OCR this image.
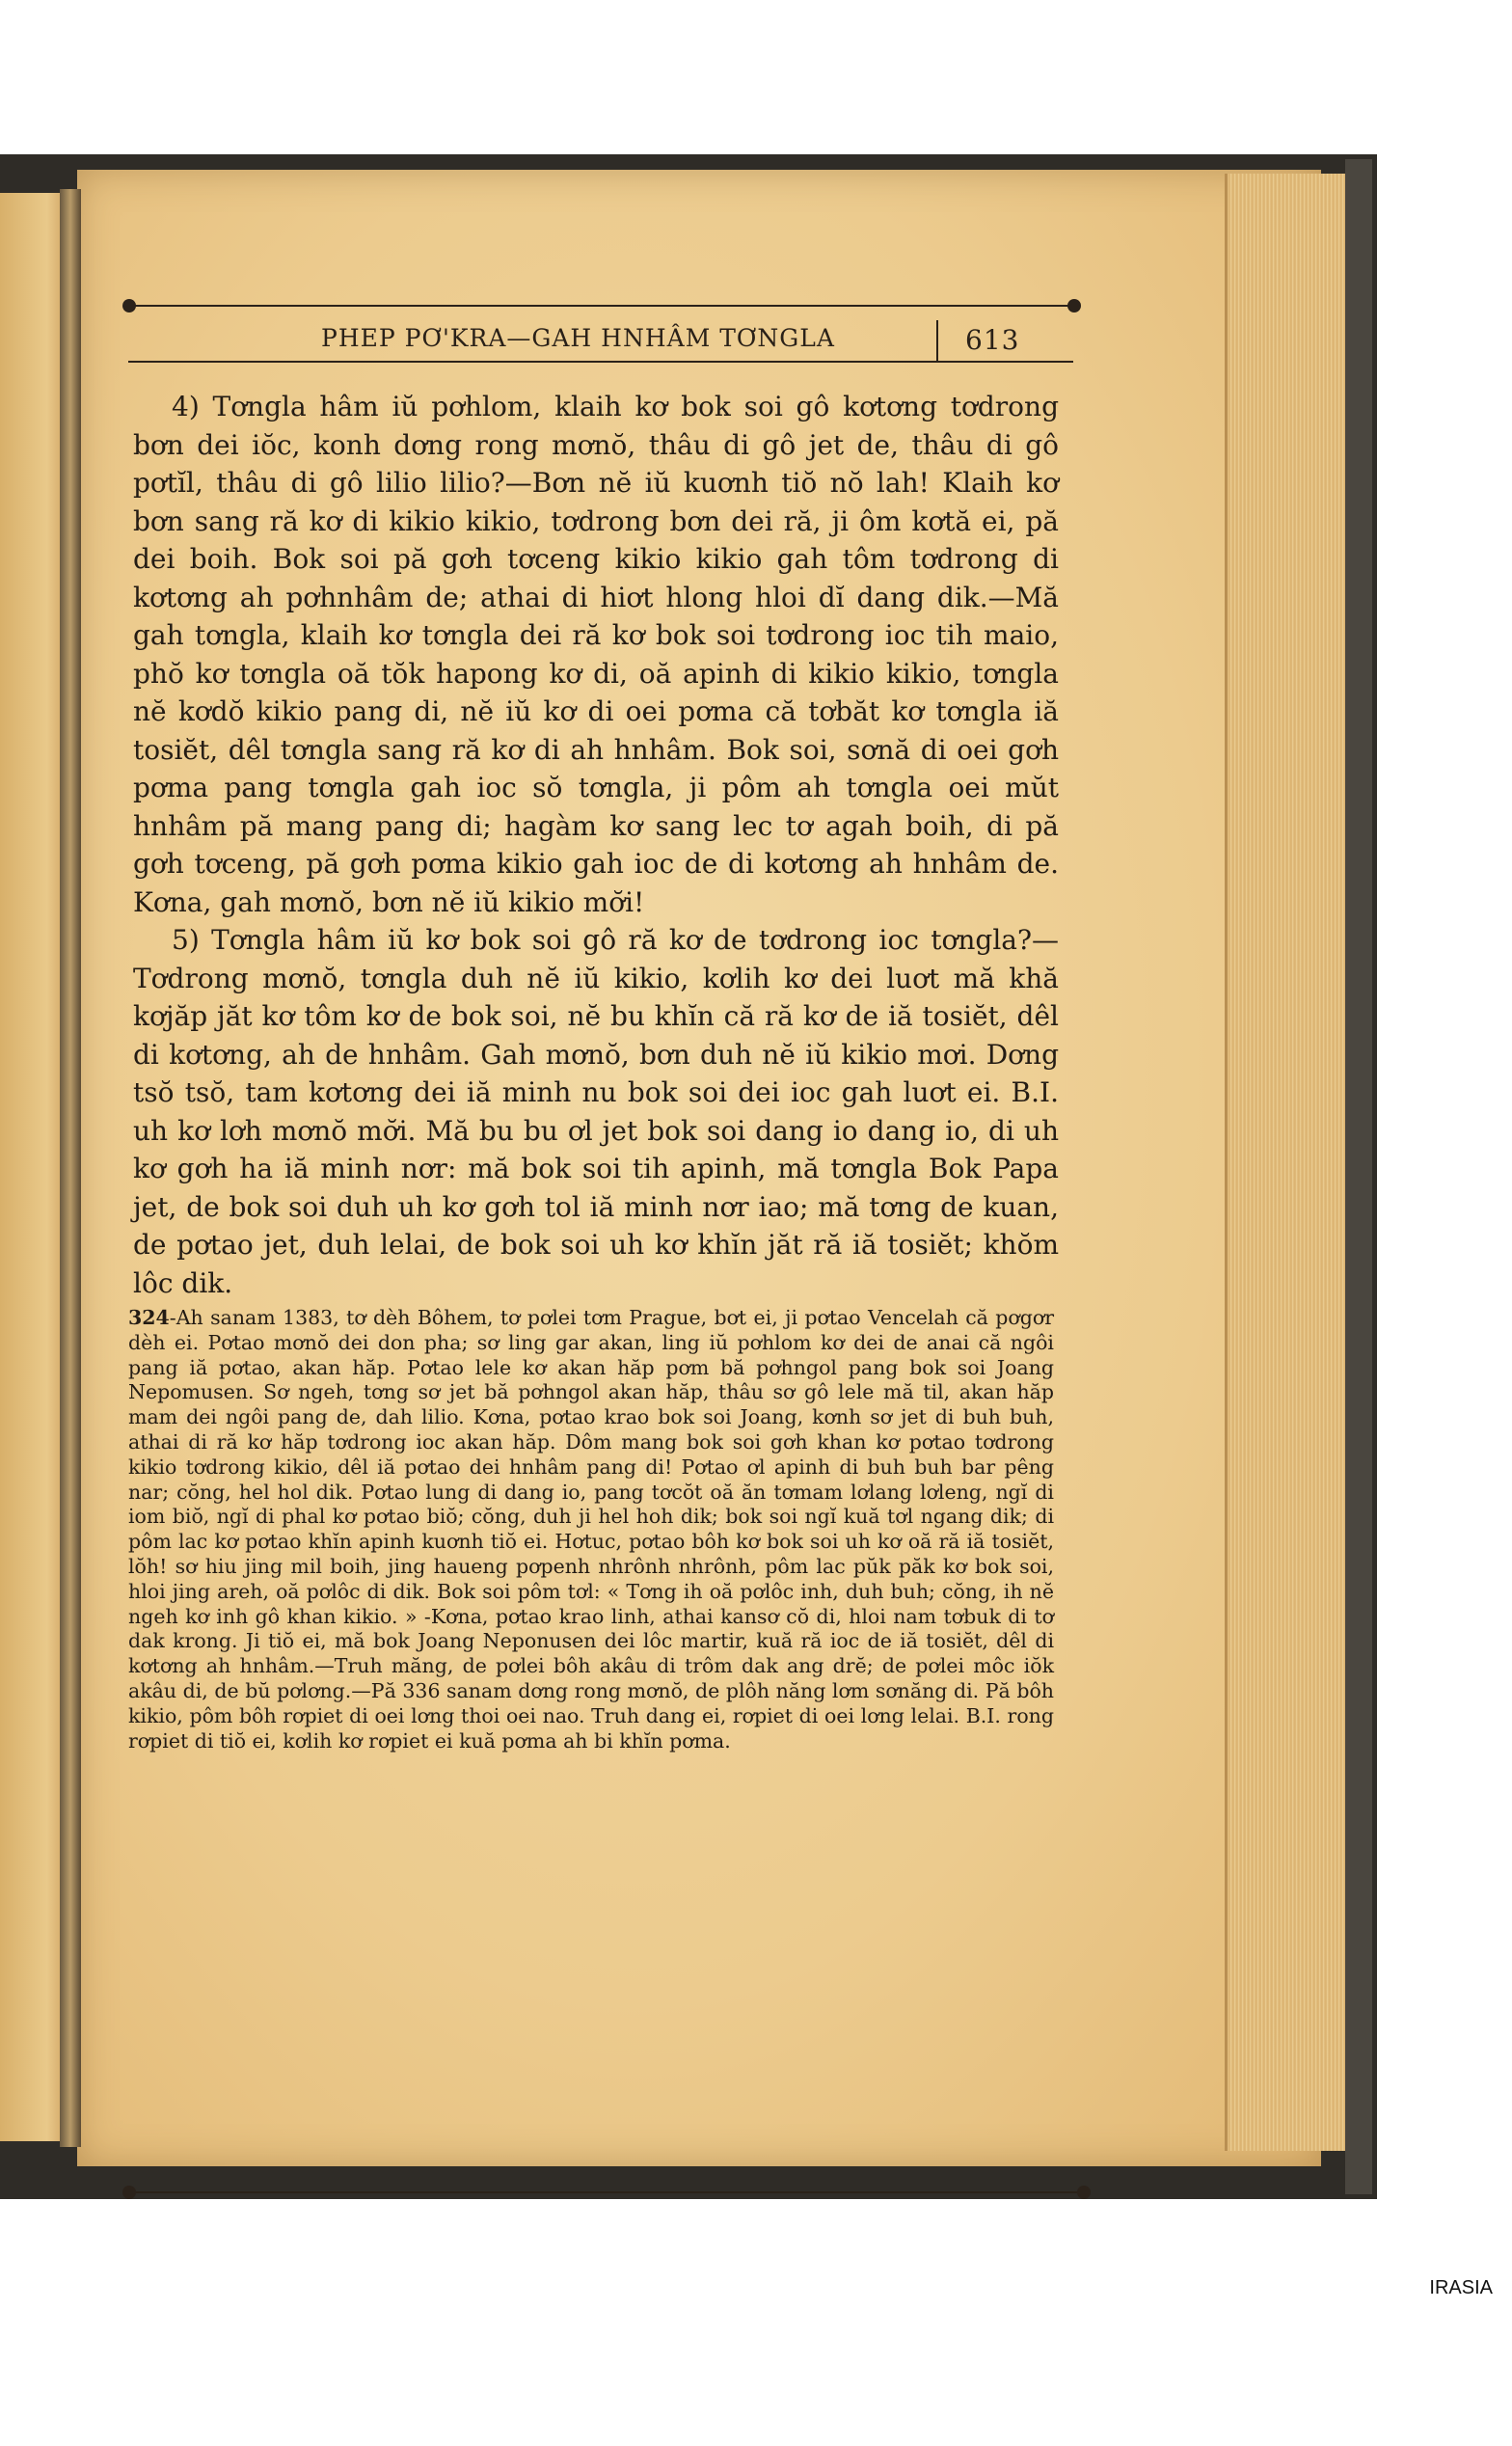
PHEP PƠ'KRA—GAH HNHÂM TƠNGLA	613

4) Tơngla hâm iŭ pơhlom, klaih kơ bok soi gô kơtơng tơdrong bơn dei iŏc, konh dơng rong mơnŏ, thâu di gô jet de, thâu di gô pơtĭl, thâu di gô lilio lilio?—Bơn nĕ iŭ kuơnh tiŏ nŏ lah! Klaih kơ bơn sang ră kơ di kikio kikio, tơdrong bơn dei ră, ji ôm kơtă ei, pă dei boih. Bok soi pă gơh tơceng kikio kikio gah tôm tơdrong di kơtơng ah pơhnhâm de; athai di hiơt hlong hloi dĭ dang dik.—Mă gah tơngla, klaih kơ tơngla dei ră kơ bok soi tơdrong ioc tih maio, phŏ kơ tơngla oă tŏk hapong kơ di, oă apinh di kikio kikio, tơngla nĕ kơdŏ kikio pang di, nĕ iŭ kơ di oei pơma că tơbăt kơ tơngla iă tosiĕt, dêl tơngla sang ră kơ di ah hnhâm. Bok soi, sơnă di oei gơh pơma pang tơngla gah ioc sŏ tơngla, ji pôm ah tơngla oei mŭt hnhâm pă mang pang di; hagàm kơ sang lec tơ agah boih, di pă gơh tơceng, pă gơh pơma kikio gah ioc de di kơtơng ah hnhâm de. Kơna, gah mơnŏ, bơn nĕ iŭ kikio mơ̆i!

5) Tơngla hâm iŭ kơ bok soi gô ră kơ de tơdrong ioc tơngla?—Tơdrong mơnŏ, tơngla duh nĕ iŭ kikio, kơlih kơ dei luơt mă khă kơjăp jăt kơ tôm kơ de bok soi, nĕ bu khĭn că ră kơ de iă tosiĕt, dêl di kơtơng, ah de hnhâm. Gah mơnŏ, bơn duh nĕ iŭ kikio mơi. Dơng tsŏ tsŏ, tam kơtơng dei iă minh nu bok soi dei ioc gah luơt ei. B.I. uh kơ lơh mơnŏ mơ̆i. Mă bu bu ơl jet bok soi dang io dang io, di uh kơ gơh ha iă minh nơr: mă bok soi tih apinh, mă tơngla Bok Papa jet, de bok soi duh uh kơ gơh tol iă minh nơr iao; mă tơng de kuan, de pơtao jet, duh lelai, de bok soi uh kơ khĭn jăt ră iă tosiĕt; khŏm lôc dik.

324-Ah sanam 1383, tơ dèh Bôhem, tơ pơlei tơm Prague, bơt ei, ji pơtao Vencelah că pơgơr dèh ei. Pơtao mơnŏ dei don pha; sơ ling gar akan, ling iŭ pơhlom kơ dei de anai că ngôi pang iă pơtao, akan hăp. Pơtao lele kơ akan hăp pơm bă pơhngol pang bok soi Joang Nepomusen. Sơ ngeh, tơng sơ jet bă pơhngol akan hăp, thâu sơ gô lele mă til, akan hăp mam dei ngôi pang de, dah lilio. Kơna, pơtao krao bok soi Joang, kơnh sơ jet di buh buh, athai di ră kơ hăp tơdrong ioc akan hăp. Dôm mang bok soi gơh khan kơ pơtao tơdrong kikio tơdrong kikio, dêl iă pơtao dei hnhâm pang di! Pơtao ơl apinh di buh buh bar pêng nar; cŏng, hel hol dik. Pơtao lung di dang io, pang tơcŏt oă ăn tơmam lơlang lơleng, ngĭ di iom biŏ, ngĭ di phal kơ pơtao biŏ; cŏng, duh ji hel hoh dik; bok soi ngĭ kuă tơl ngang dik; di pôm lac kơ pơtao khĭn apinh kuơnh tiŏ ei. Hơtuc, pơtao bôh kơ bok soi uh kơ oă ră iă tosiĕt, lŏh! sơ hiu jing mil boih, jing haueng pơpenh nhrônh nhrônh, pôm lac pŭk păk kơ bok soi, hloi jing areh, oă pơlôc di dik. Bok soi pôm tơl: « Tơng ih oă pơlôc inh, duh buh; cŏng, ih nĕ ngeh kơ inh gô khan kikio. » -Kơna, pơtao krao linh, athai kansơ cŏ di, hloi nam tơbuk di tơ dak krong. Ji tiŏ ei, mă bok Joang Neponusen dei lôc martir, kuă ră ioc de iă tosiĕt, dêl di kơtơng ah hnhâm.—Truh măng, de pơlei bôh akâu di trôm dak ang drĕ; de pơlei môc iŏk akâu di, de bŭ pơlơng.—Pă 336 sanam dơng rong mơnŏ, de plôh năng lơm sơnăng di. Pă bôh kikio, pôm bôh rơpiet di oei lơng thoi oei nao. Truh dang ei, rơpiet di oei lơng lelai. B.I. rong rơpiet di tiŏ ei, kơlih kơ rơpiet ei kuă pơma ah bi khĭn pơma.
IRASIA
